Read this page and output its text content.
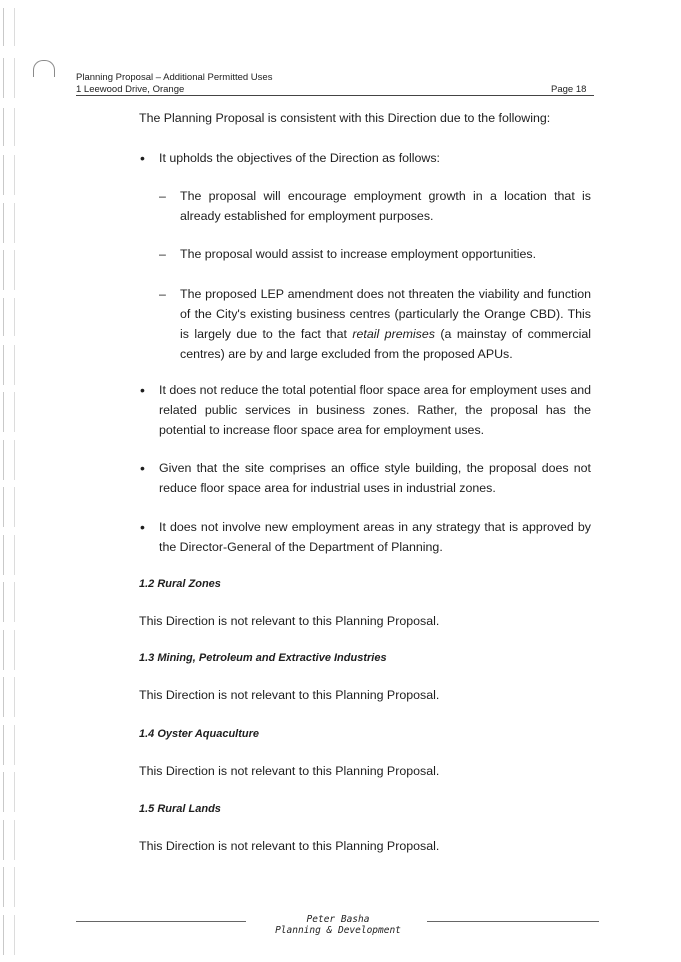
Planning Proposal – Additional Permitted Uses
1 Leewood Drive, Orange	Page 18
The Planning Proposal is consistent with this Direction due to the following:
• It upholds the objectives of the Direction as follows:
– The proposal will encourage employment growth in a location that is already established for employment purposes.
– The proposal would assist to increase employment opportunities.
– The proposed LEP amendment does not threaten the viability and function of the City's existing business centres (particularly the Orange CBD). This is largely due to the fact that retail premises (a mainstay of commercial centres) are by and large excluded from the proposed APUs.
• It does not reduce the total potential floor space area for employment uses and related public services in business zones. Rather, the proposal has the potential to increase floor space area for employment uses.
• Given that the site comprises an office style building, the proposal does not reduce floor space area for industrial uses in industrial zones.
• It does not involve new employment areas in any strategy that is approved by the Director-General of the Department of Planning.
1.2 Rural Zones
This Direction is not relevant to this Planning Proposal.
1.3 Mining, Petroleum and Extractive Industries
This Direction is not relevant to this Planning Proposal.
1.4 Oyster Aquaculture
This Direction is not relevant to this Planning Proposal.
1.5 Rural Lands
This Direction is not relevant to this Planning Proposal.
Peter Basha
Planning & Development
